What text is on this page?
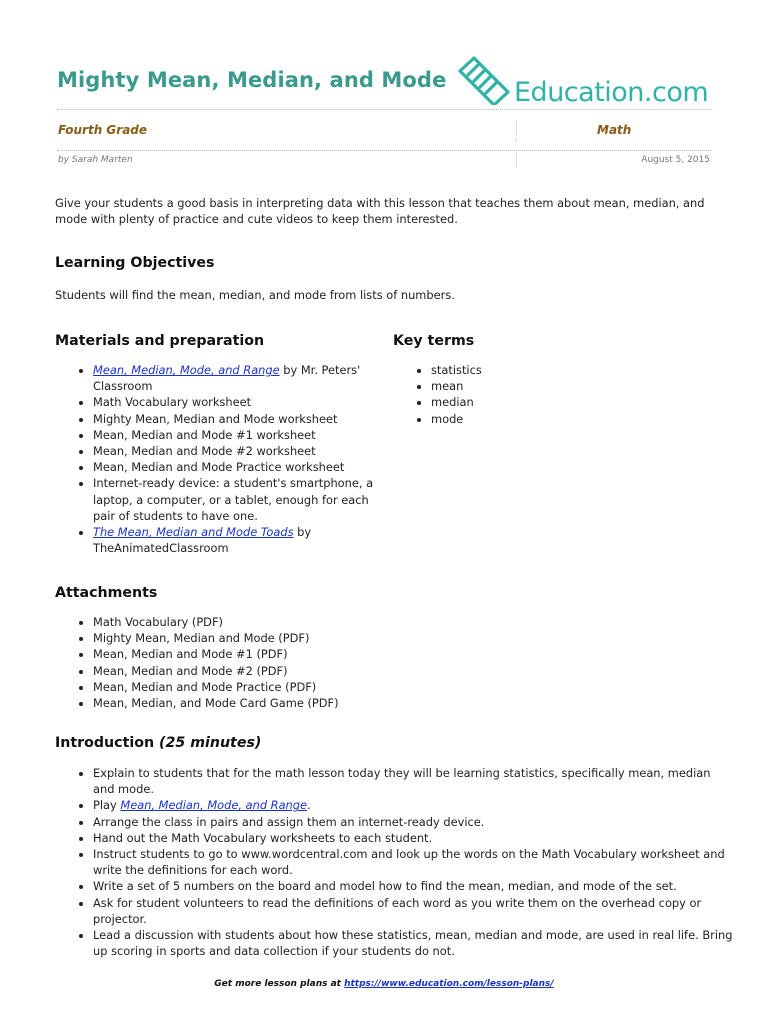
Mighty Mean, Median, and Mode	Education.com
Fourth Grade	Math
by Sarah Marten	August 5, 2015

Give your students a good basis in interpreting data with this lesson that teaches them about mean, median, and mode with plenty of practice and cute videos to keep them interested.

Learning Objectives

Students will find the mean, median, and mode from lists of numbers.

Materials and preparation
• Mean, Median, Mode, and Range by Mr. Peters' Classroom
• Math Vocabulary worksheet
• Mighty Mean, Median and Mode worksheet
• Mean, Median and Mode #1 worksheet
• Mean, Median and Mode #2 worksheet
• Mean, Median and Mode Practice worksheet
• Internet-ready device: a student's smartphone, a laptop, a computer, or a tablet, enough for each pair of students to have one.
• The Mean, Median and Mode Toads by TheAnimatedClassroom
Key terms
• statistics
• mean
• median
• mode
Attachments
• Math Vocabulary (PDF)
• Mighty Mean, Median and Mode (PDF)
• Mean, Median and Mode #1 (PDF)
• Mean, Median and Mode #2 (PDF)
• Mean, Median and Mode Practice (PDF)
• Mean, Median, and Mode Card Game (PDF)
Introduction (25 minutes)
• Explain to students that for the math lesson today they will be learning statistics, specifically mean, median and mode.
• Play Mean, Median, Mode, and Range.
• Arrange the class in pairs and assign them an internet-ready device.
• Hand out the Math Vocabulary worksheets to each student.
• Instruct students to go to www.wordcentral.com and look up the words on the Math Vocabulary worksheet and write the definitions for each word.
• Write a set of 5 numbers on the board and model how to find the mean, median, and mode of the set.
• Ask for student volunteers to read the definitions of each word as you write them on the overhead copy or projector.
• Lead a discussion with students about how these statistics, mean, median and mode, are used in real life. Bring up scoring in sports and data collection if your students do not.
Get more lesson plans at https://www.education.com/lesson-plans/
